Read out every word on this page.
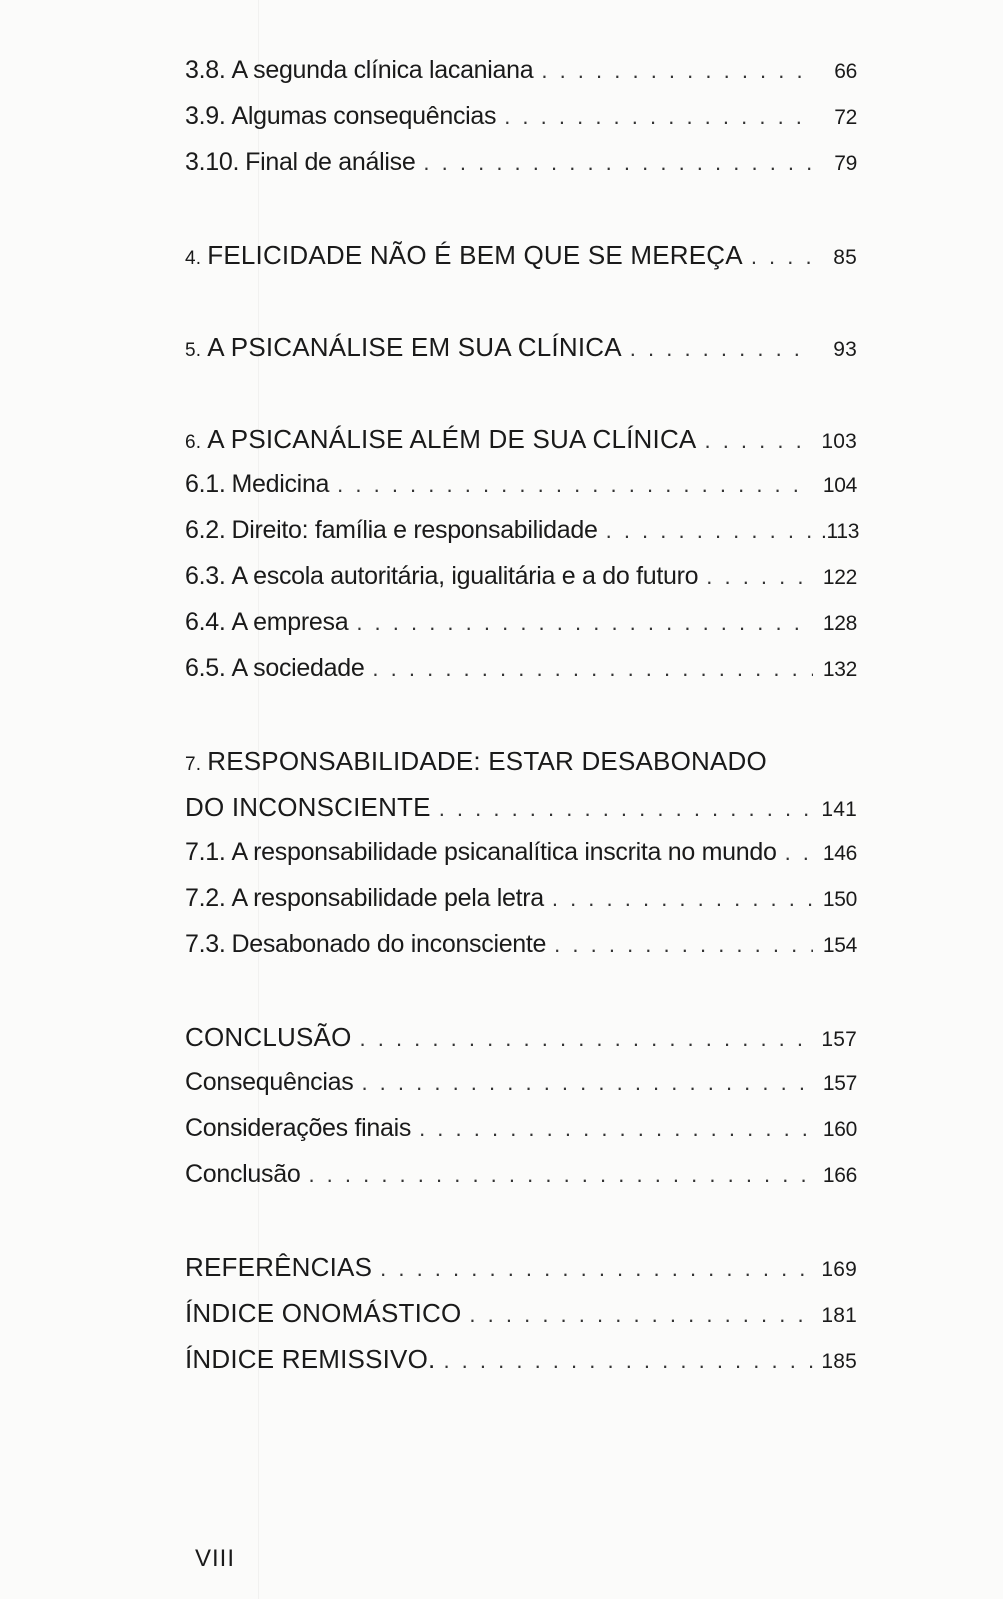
3.8. A segunda clínica lacaniana . . .	66
3.9. Algumas consequências . . .	72
3.10. Final de análise . . .	79
4. FELICIDADE NÃO É BEM QUE SE MEREÇA . . .	85
5. A PSICANÁLISE EM SUA CLÍNICA . . .	93
6. A PSICANÁLISE ALÉM DE SUA CLÍNICA . . .	103
6.1. Medicina . . .	104
6.2. Direito: família e responsabilidade . . .	.113
6.3. A escola autoritária, igualitária e a do futuro . . .	122
6.4. A empresa . . .	128
6.5. A sociedade . . .	132
7. RESPONSABILIDADE: ESTAR DESABONADO
DO INCONSCIENTE . . .	141
7.1. A responsabilidade psicanalítica inscrita no mundo . . . 146
7.2. A responsabilidade pela letra . . .	150
7.3. Desabonado do inconsciente . . .	154
CONCLUSÃO . . .	157
Consequências . . .	157
Considerações finais . . .	160
Conclusão . . .	166
REFERÊNCIAS . . .	169
ÍNDICE ONOMÁSTICO . . .	181
ÍNDICE REMISSIVO. . . .	185
VIII
